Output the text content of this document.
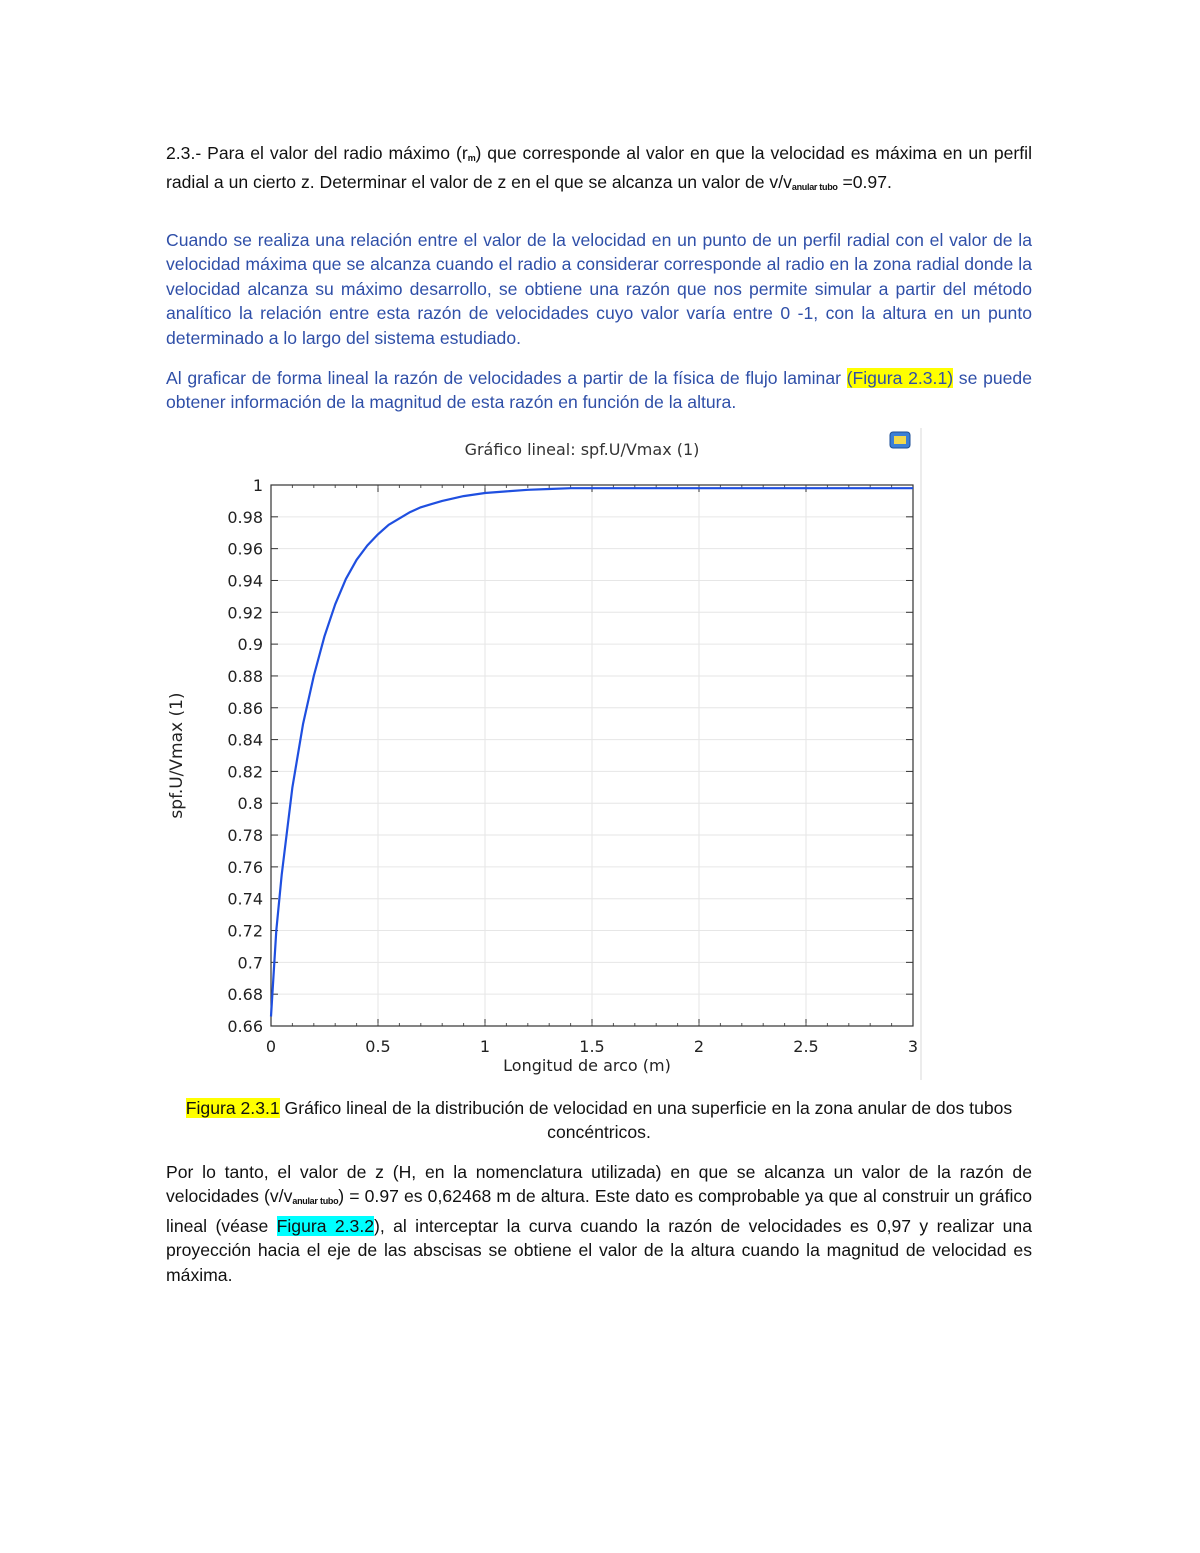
2.3.- Para el valor del radio máximo $(r_m)$ que corresponde al valor en que la velocidad es máxima en un perfil radial a un cierto z. Determinar el valor de z en el que se alcanza un valor de $v/v_{anular tubo} =0.97$.

Cuando se realiza una relación entre el valor de la velocidad en un punto de un perfil radial con el valor de la velocidad máxima que se alcanza cuando el radio a considerar corresponde al radio en la zona radial donde la velocidad alcanza su máximo desarrollo, se obtiene una razón que nos permite simular a partir del método analítico la relación entre esta razón de velocidades cuyo valor varía entre 0 -1, con la altura en un punto determinado a lo largo del sistema estudiado.

Al graficar de forma lineal la razón de velocidades a partir de la física de flujo laminar (Figura 2.3.1) se puede obtener información de la magnitud de esta razón en función de la altura.

Gráfico lineal: spf.U/Vmax (1)
0.66
0.68
0.7
0.72
0.74
0.76
0.78
0.8
0.82
0.84
0.86
0.88
0.9
0.92
0.94
0.96
0.98
1
0	0.5	1	1.5	2	2.5	3
Longitud de arco (m)
spf.U/Vmax (1)

Figura 2.3.1 Gráfico lineal de la distribución de velocidad en una superficie en la zona anular de dos tubos concéntricos.

Por lo tanto, el valor de z (H, en la nomenclatura utilizada) en que se alcanza un valor de la razón de velocidades $(v/v_{anular tubo}) = 0.97$ es 0,62468 m de altura. Este dato es comprobable ya que al construir un gráfico lineal (véase Figura 2.3.2), al interceptar la curva cuando la razón de velocidades es 0,97 y realizar una proyección hacia el eje de las abscisas se obtiene el valor de la altura cuando la magnitud de velocidad es máxima.
